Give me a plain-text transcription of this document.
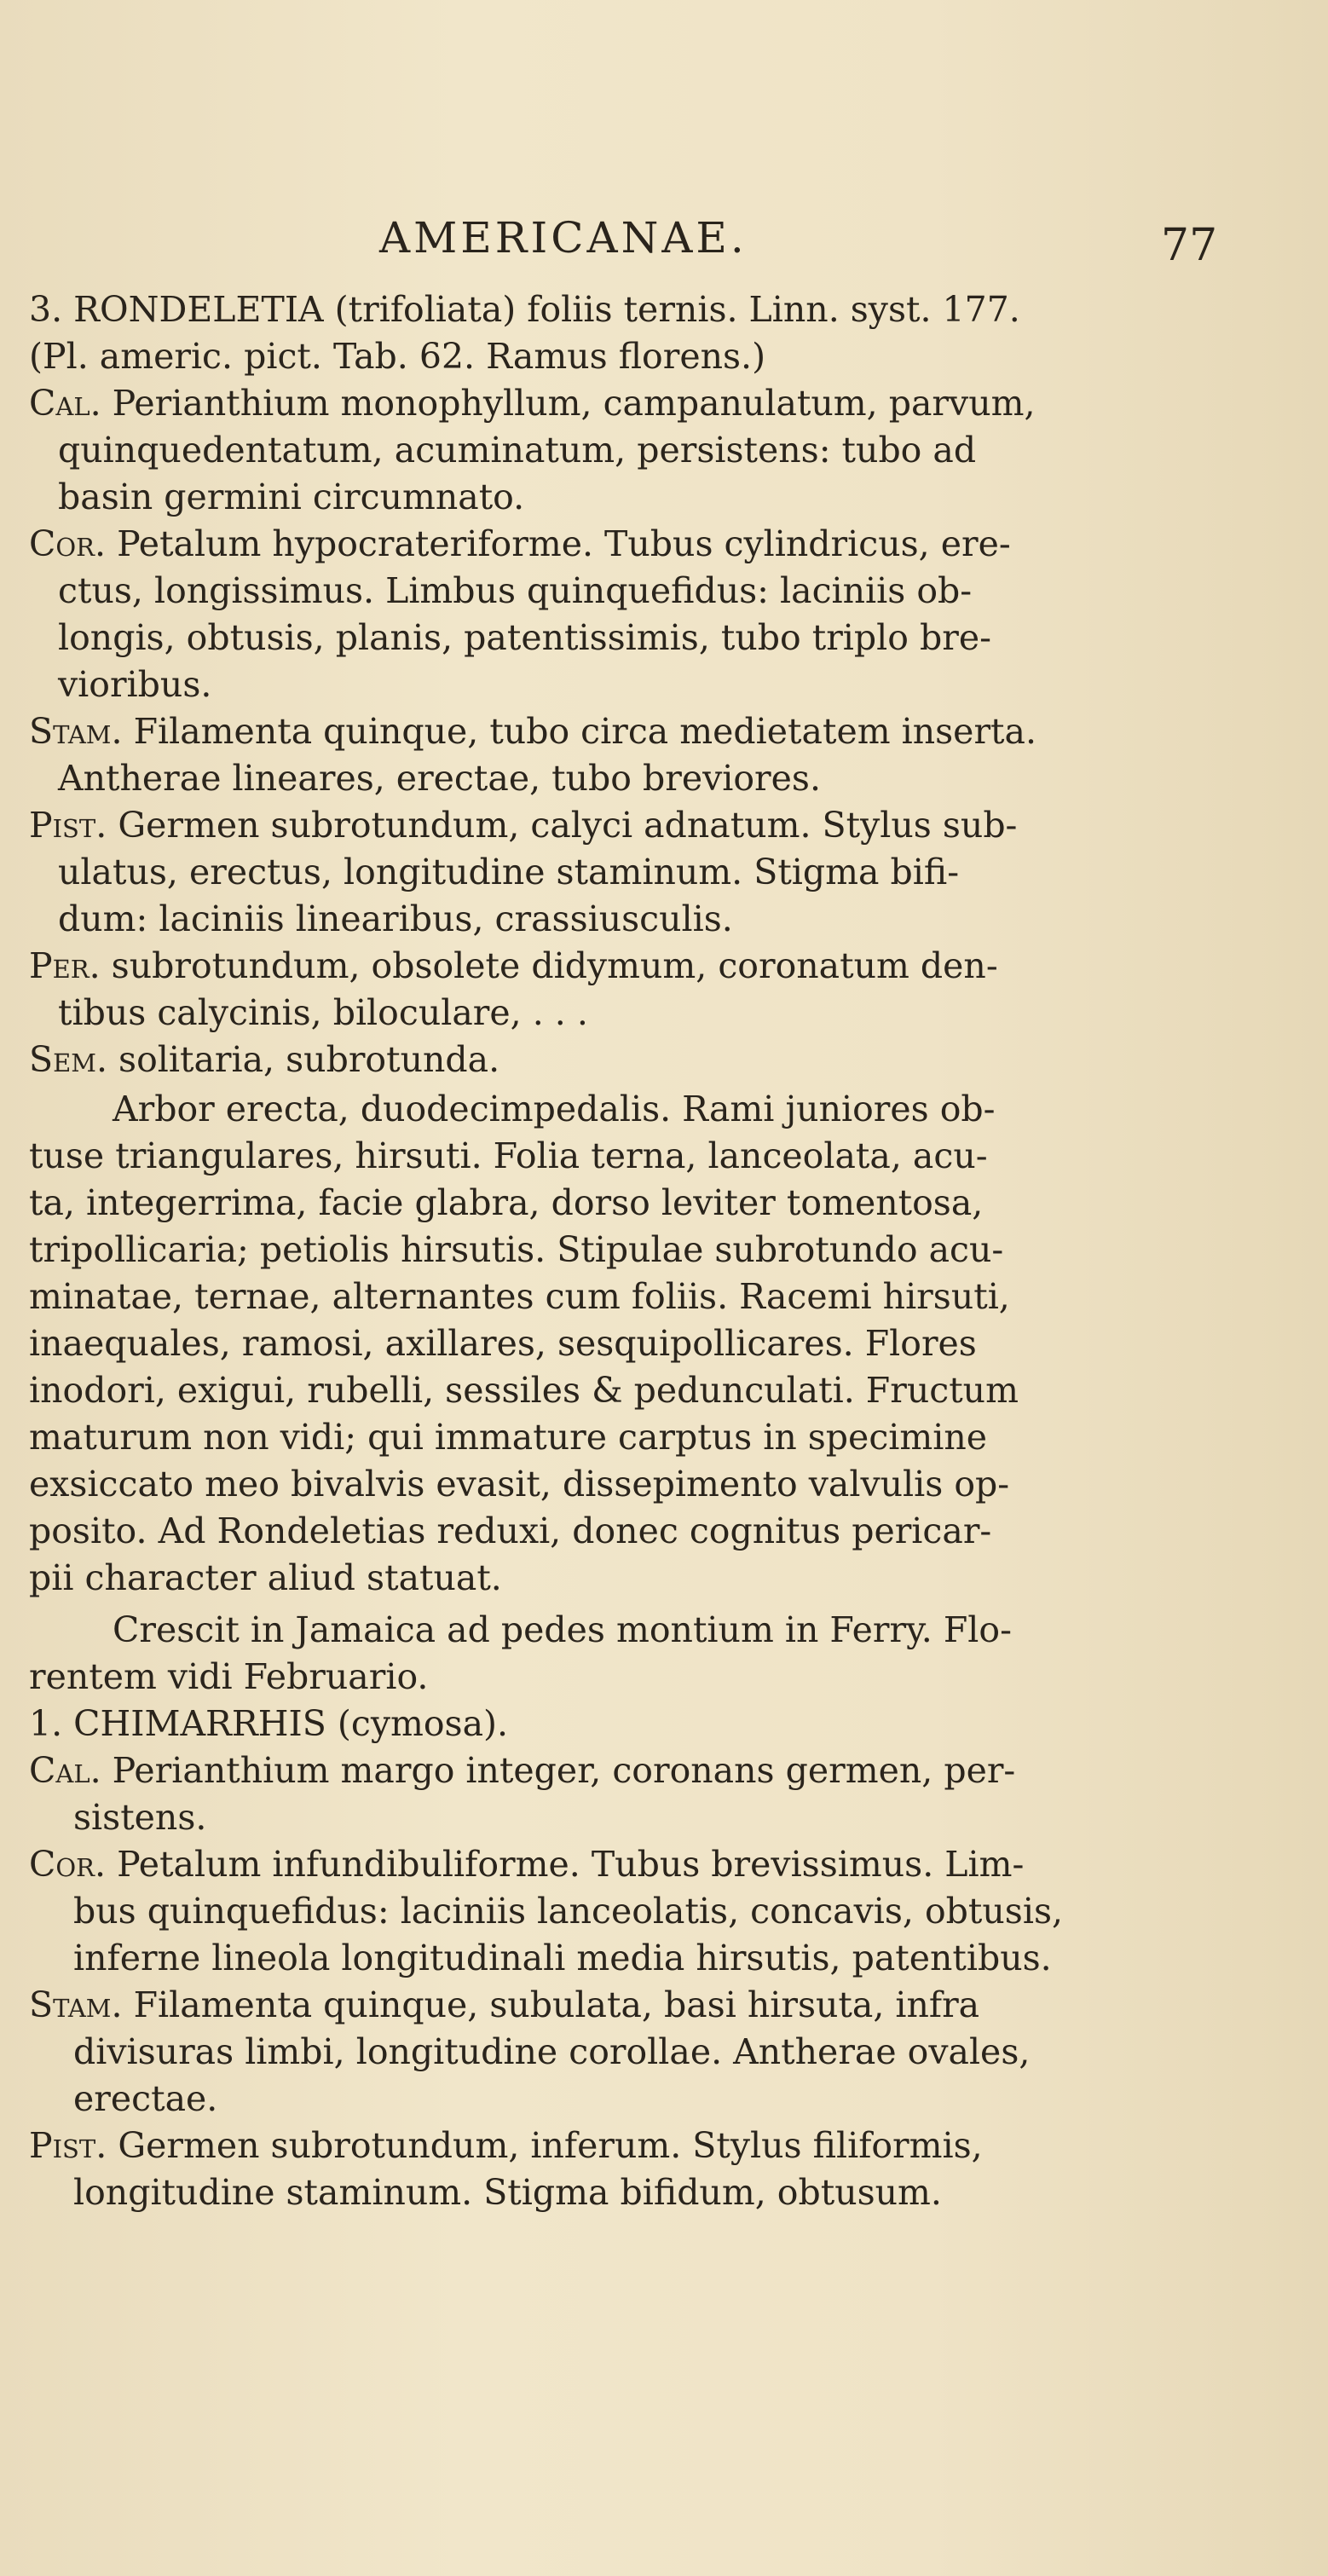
AMERICANAE.	77

3. RONDELETIA (trifoliata) foliis ternis. Linn. syst. 177.

(Pl. americ. pict. Tab. 62. Ramus florens.)

Cal. Perianthium monophyllum, campanulatum, parvum,

quinquedentatum, acuminatum, persistens: tubo ad

basin germini circumnato.

Cor. Petalum hypocrateriforme. Tubus cylindricus, ere-

ctus, longissimus. Limbus quinquefidus: laciniis ob-

longis, obtusis, planis, patentissimis, tubo triplo bre-

vioribus.

Stam. Filamenta quinque, tubo circa medietatem inserta.

Antherae lineares, erectae, tubo breviores.

Pist. Germen subrotundum, calyci adnatum. Stylus sub-

ulatus, erectus, longitudine staminum. Stigma bifi-

dum: laciniis linearibus, crassiusculis.

Per. subrotundum, obsolete didymum, coronatum den-

tibus calycinis, biloculare, . . .

Sem. solitaria, subrotunda.

Arbor erecta, duodecimpedalis. Rami juniores ob-

tuse triangulares, hirsuti. Folia terna, lanceolata, acu-

ta, integerrima, facie glabra, dorso leviter tomentosa,

tripollicaria; petiolis hirsutis. Stipulae subrotundo acu-

minatae, ternae, alternantes cum foliis. Racemi hirsuti,

inaequales, ramosi, axillares, sesquipollicares. Flores

inodori, exigui, rubelli, sessiles & pedunculati. Fructum

maturum non vidi; qui immature carptus in specimine

exsiccato meo bivalvis evasit, dissepimento valvulis op-

posito. Ad Rondeletias reduxi, donec cognitus pericar-

pii character aliud statuat.

Crescit in Jamaica ad pedes montium in Ferry. Flo-

rentem vidi Februario.

1. CHIMARRHIS (cymosa).

Cal. Perianthium margo integer, coronans germen, per-

sistens.

Cor. Petalum infundibuliforme. Tubus brevissimus. Lim-

bus quinquefidus: laciniis lanceolatis, concavis, obtusis,

inferne lineola longitudinali media hirsutis, patentibus.

Stam. Filamenta quinque, subulata, basi hirsuta, infra

divisuras limbi, longitudine corollae. Antherae ovales,

erectae.

Pist. Germen subrotundum, inferum. Stylus filiformis,

longitudine staminum. Stigma bifidum, obtusum.
